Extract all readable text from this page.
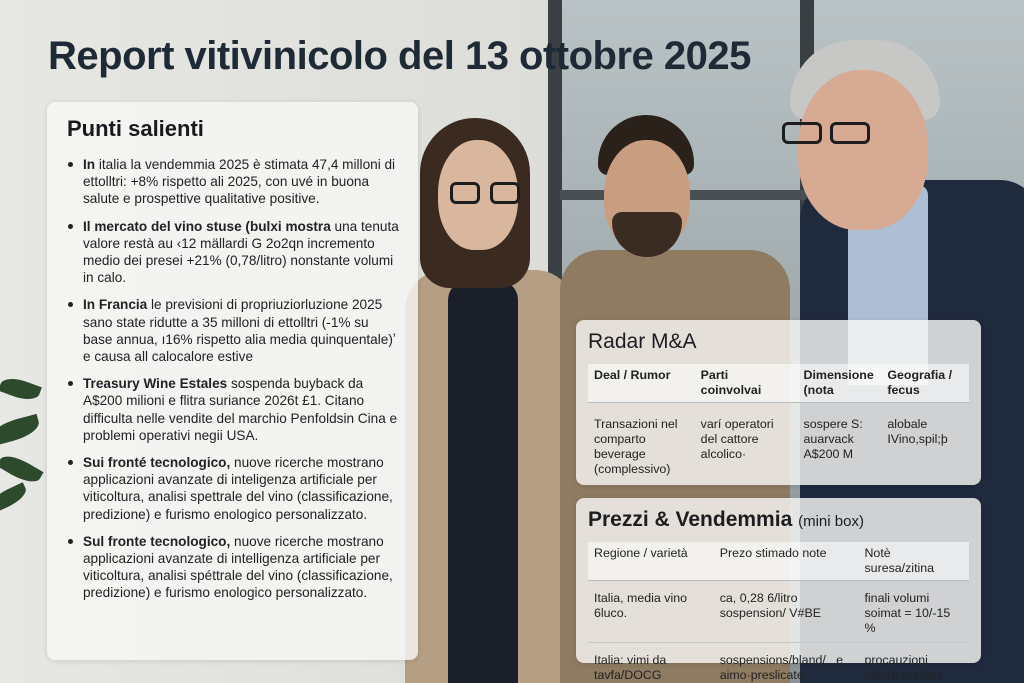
Report vitivinicolo del 13 ottobre 2025
Punti salienti
In italia la vendemmia 2025 è stimata 47,4 milloni di ettolltri: +8% rispetto ali 2025, con uvé in buona salute e prospettive qualitative positive.
Il mercato del vino stuse (bulxi mostra una tenuta valore restà au ‹12 mällardi G 2o2qn incremento medio dei presei +21% (0,78/litro) nonstante volumi in calo.
In Francia le previsioni di propriuziorluzione 2025 sano state ridutte a 35 milloni di ettolltri (-1% su base annua, ı16% rispetto alia media quinquentale)ʼ e causa all calocalore estive
Treasury Wine Estales sospenda buyback da A$200 milioni e flitra suriance 2026t £1. Citano difficulta nelle vendite del marchio Penfoldsin Cina e problemi operativi negii USA.
Sui fronté tecnologico, nuove ricerche mostrano applicazioni avanzate di inteligenza artificiale per viticoltura, analisi spettrale del vino (classificazione, predizione) e furismo enologico personalizzato.
Sul fronte tecnologico, nuove ricerche mostrano applicazioni avanzate di intelligenza artificiale per viticoltura, analisi spéttrale del vino (classificazione, predizione) e furismo enologico personalizzato.
Radar M&A
Deal / Rumor	Parti coinvolvai	Dimensione (nota	Geografia / fecus
Transazioni nel comparto beverage (complessivo)	varí operatori del cattore alcolico·	sospere S: auarvack A$200 M	alobale IVino,spil;þ
Prezzi & Vendemmia (mini box)
Regione / varietà	Prezo stimado note	Notè suresa/zitina
Italia, media vino 6luco.	ca, 0,28 6/litro sospension/ V#BE	finali volumi soimat = 10/-15 %
Italia: vimi da tavfa/DOCG	sospensions/bland/ _e aimo·preslicate	procauzioni valorizzazione
